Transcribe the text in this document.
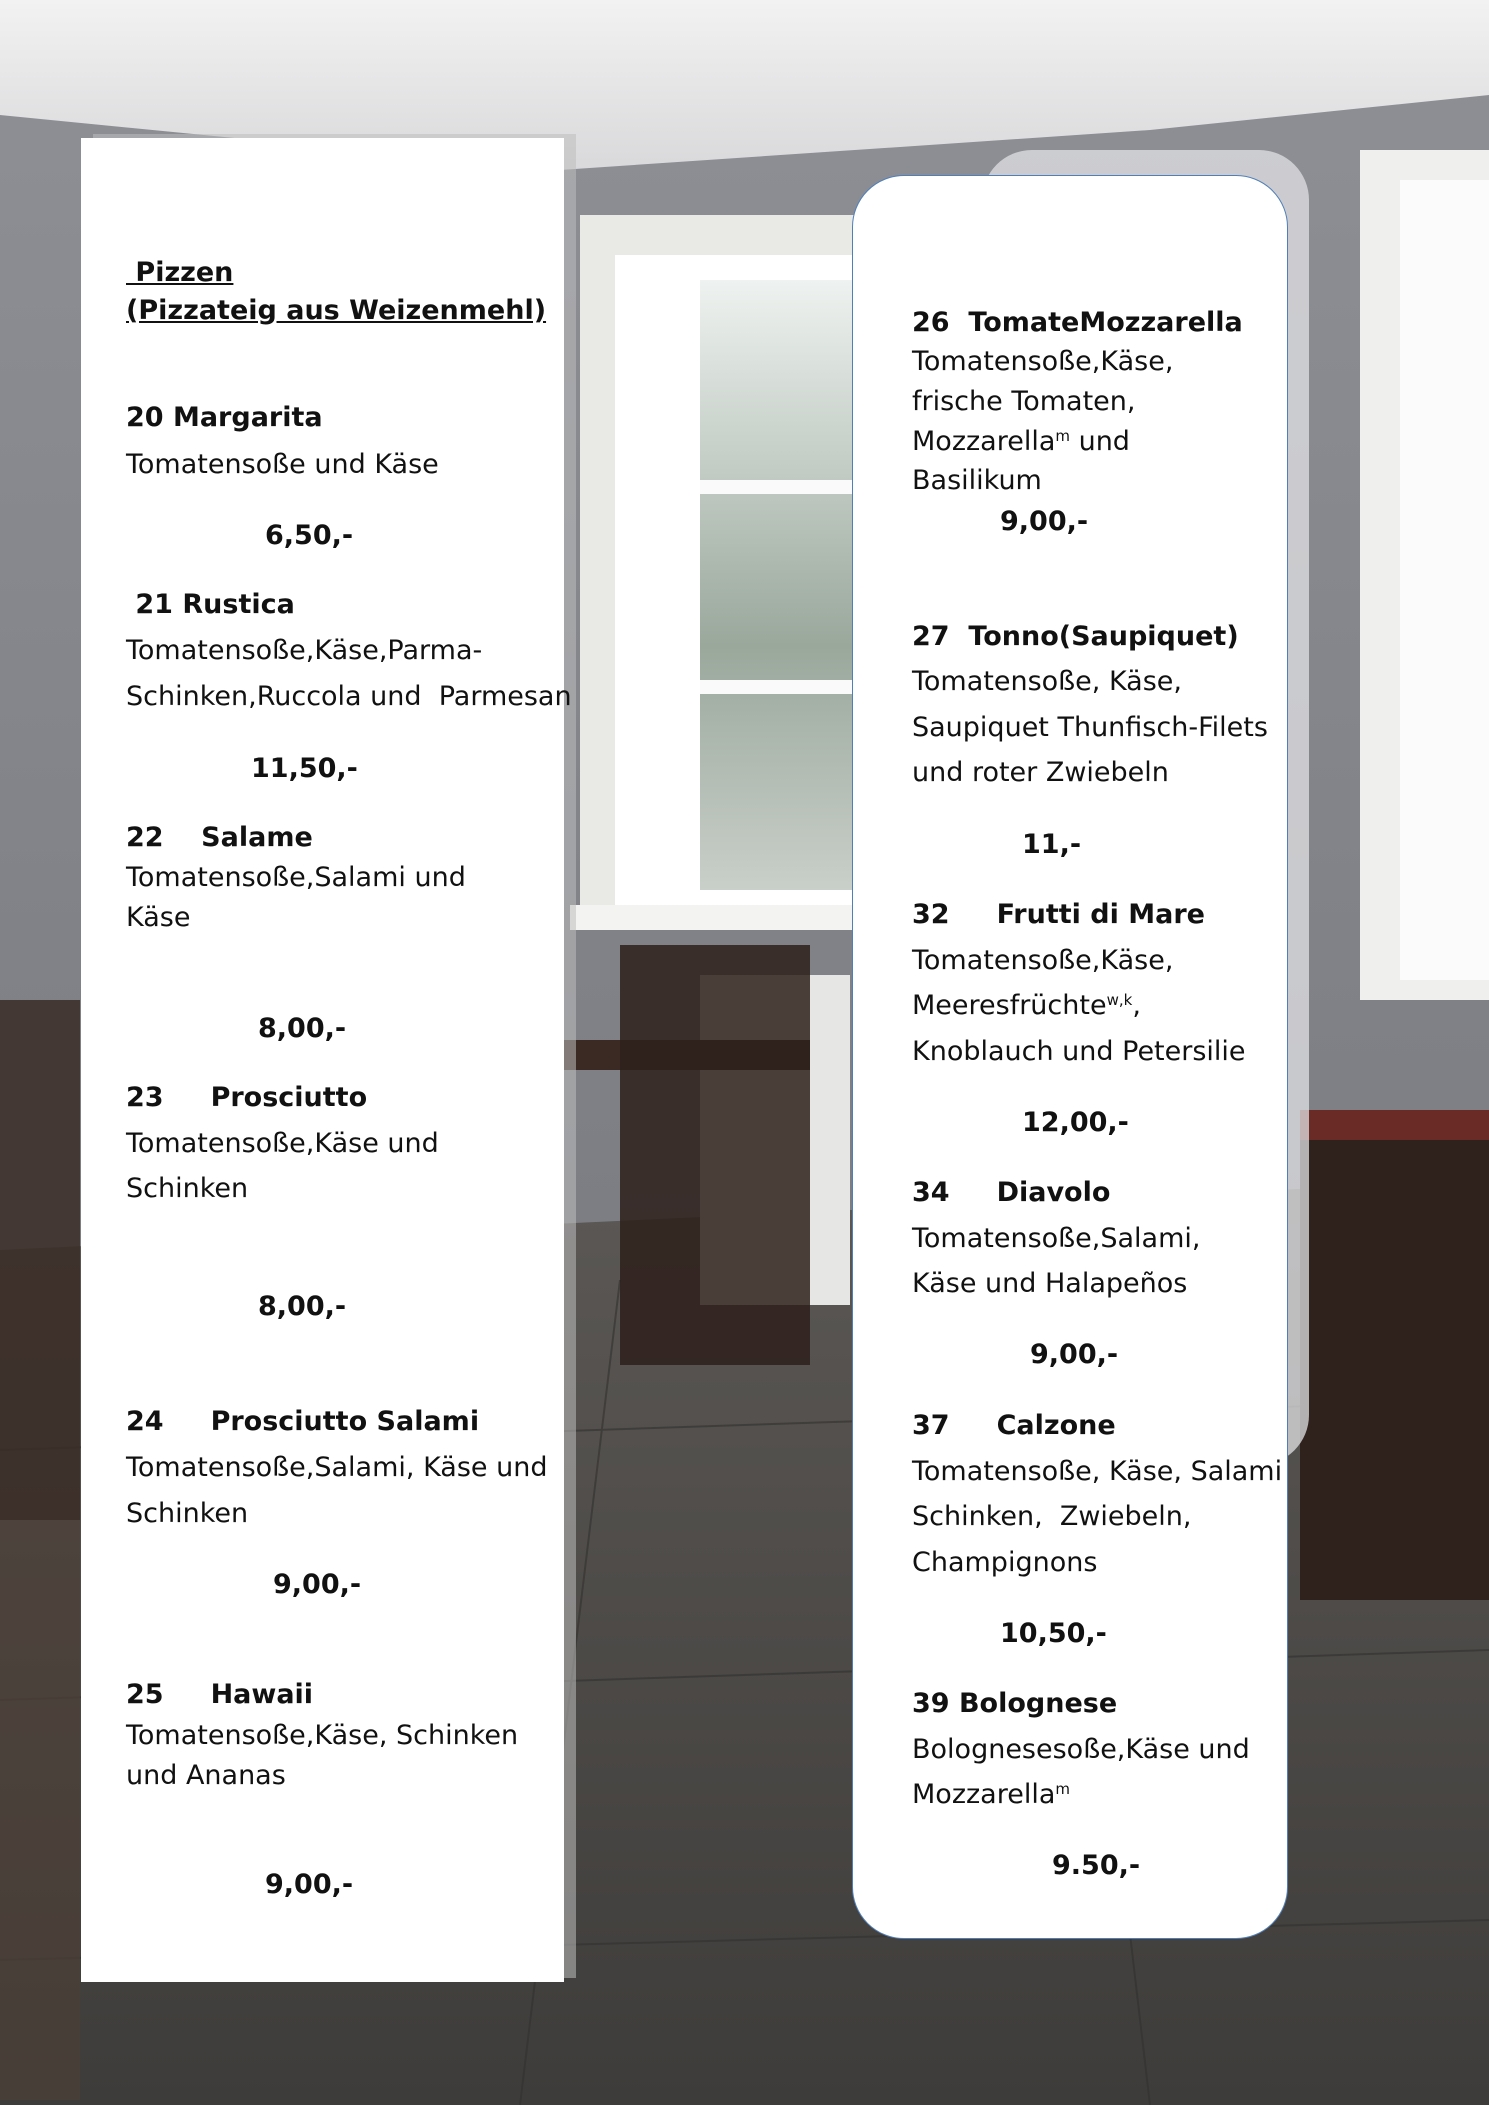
Pizzen
(Pizzateig aus Weizenmehl)
20 Margarita
Tomatensoße und Käse
6,50,-
21 Rustica
Tomatensoße,Käse,Parma-
Schinken,Ruccola und  Parmesan
11,50,-
22    Salame
Tomatensoße,Salami und
Käse
8,00,-
23     Prosciutto
Tomatensoße,Käse und
Schinken
8,00,-
24     Prosciutto Salami
Tomatensoße,Salami, Käse und
Schinken
9,00,-
25     Hawaii
Tomatensoße,Käse, Schinken
und Ananas
9,00,-
26  TomateMozzarella
Tomatensoße,Käse,
frische Tomaten,
Mozzarella$^m$ und
Basilikum
9,00,-
27  Tonno(Saupiquet)
Tomatensoße, Käse,
Saupiquet Thunfisch-Filets
und roter Zwiebeln
11,-
32     Frutti di Mare
Tomatensoße,Käse,
Meeresfrüchte$^{w,k}$,
Knoblauch und Petersilie
12,00,-
34     Diavolo
Tomatensoße,Salami,
Käse und Halapeños
9,00,-
37     Calzone
Tomatensoße, Käse, Salami
Schinken,  Zwiebeln,
Champignons
10,50,-
39 Bolognese
Bolognesesoße,Käse und
Mozzarella$^m$
9.50,-
